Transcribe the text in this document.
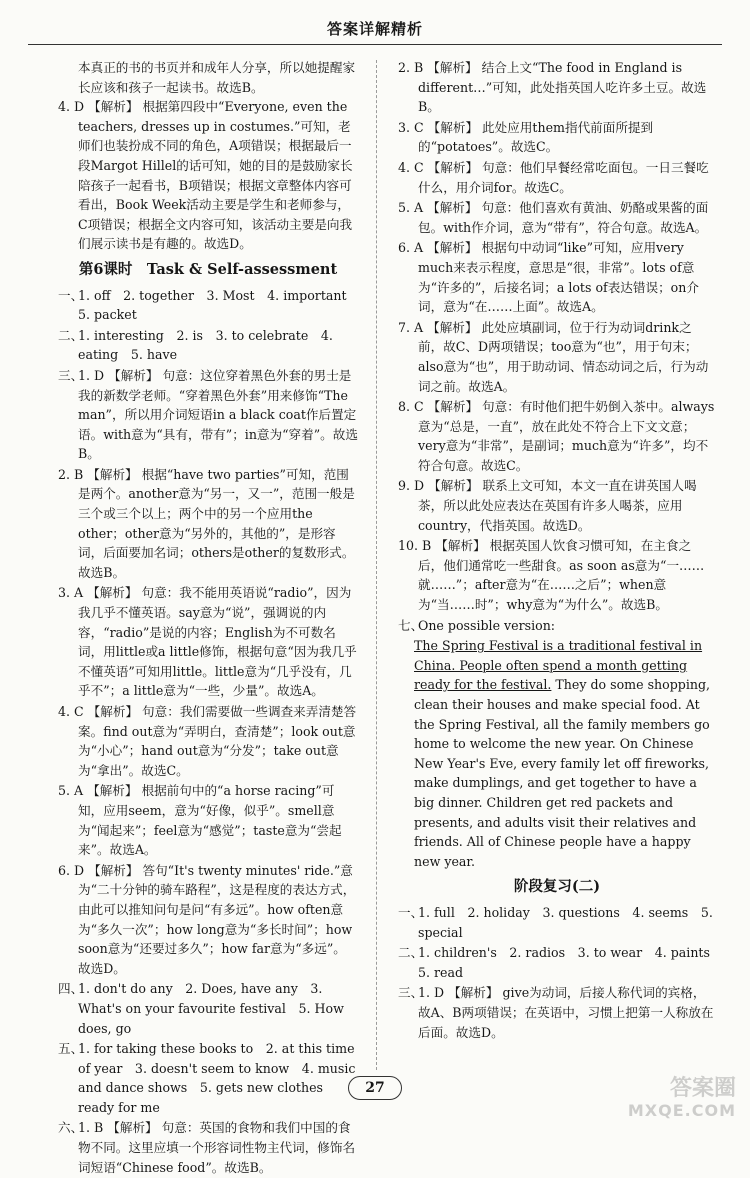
答案详解精析

本真正的书的书页并和成年人分享，所以她提醒家长应该和孩子一起读书。故选B。

4. D 【解析】 根据第四段中“Everyone, even the teachers, dresses up in costumes.”可知，老师们也装扮成不同的角色，A项错误；根据最后一段Margot Hillel的话可知，她的目的是鼓励家长陪孩子一起看书，B项错误；根据文章整体内容可看出，Book Week活动主要是学生和老师参与，C项错误；根据全文内容可知，该活动主要是向我们展示读书是有趣的。故选D。

第6课时　Task & Self-assessment

一、1. off　2. together　3. Most　4. important　5. packet

二、1. interesting　2. is　3. to celebrate　4. eating　5. have

三、1. D 【解析】 句意：这位穿着黑色外套的男士是我的新数学老师。“穿着黑色外套”用来修饰“The man”，所以用介词短语in a black coat作后置定语。with意为“具有，带有”；in意为“穿着”。故选B。

2. B 【解析】 根据“have two parties”可知，范围是两个。another意为“另一，又一”，范围一般是三个或三个以上；两个中的另一个应用the other；other意为“另外的，其他的”，是形容词，后面要加名词；others是other的复数形式。故选B。

3. A 【解析】 句意：我不能用英语说“radio”，因为我几乎不懂英语。say意为“说”，强调说的内容，“radio”是说的内容；English为不可数名词，用little或a little修饰，根据句意“因为我几乎不懂英语”可知用little。little意为“几乎没有，几乎不”；a little意为“一些，少量”。故选A。

4. C 【解析】 句意：我们需要做一些调查来弄清楚答案。find out意为“弄明白，查清楚”；look out意为“小心”；hand out意为“分发”；take out意为“拿出”。故选C。

5. A 【解析】 根据前句中的“a horse racing”可知，应用seem，意为“好像，似乎”。smell意为“闻起来”；feel意为“感觉”；taste意为“尝起来”。故选A。

6. D 【解析】 答句“It's twenty minutes' ride.”意为“二十分钟的骑车路程”，这是程度的表达方式，由此可以推知问句是问“有多远”。how often意为“多久一次”；how long意为“多长时间”；how soon意为“还要过多久”；how far意为“多远”。故选D。

四、1. don't do any　2. Does, have any　3. What's on your favourite festival　5. How does, go

五、1. for taking these books to　2. at this time of year　3. doesn't seem to know　4. music and dance shows　5. gets new clothes ready for me

六、1. B 【解析】 句意：英国的食物和我们中国的食物不同。这里应填一个形容词性物主代词，修饰名词短语“Chinese food”。故选B。

2. B 【解析】 结合上文“The food in England is different…”可知，此处指英国人吃许多土豆。故选B。

3. C 【解析】 此处应用them指代前面所提到的“potatoes”。故选C。

4. C 【解析】 句意：他们早餐经常吃面包。一日三餐吃什么，用介词for。故选C。

5. A 【解析】 句意：他们喜欢有黄油、奶酪或果酱的面包。with作介词，意为“带有”，符合句意。故选A。

6. A 【解析】 根据句中动词“like”可知，应用very much来表示程度，意思是“很，非常”。lots of意为“许多的”，后接名词；a lots of表达错误；on介词，意为“在……上面”。故选A。

7. A 【解析】 此处应填副词，位于行为动词drink之前，故C、D两项错误；too意为“也”，用于句末；also意为“也”，用于助动词、情态动词之后，行为动词之前。故选A。

8. C 【解析】 句意：有时他们把牛奶倒入茶中。always意为“总是，一直”，放在此处不符合上下文文意；very意为“非常”，是副词；much意为“许多”，均不符合句意。故选C。

9. D 【解析】 联系上文可知，本文一直在讲英国人喝茶，所以此处应表达在英国有许多人喝茶，应用country，代指英国。故选D。

10. B 【解析】 根据英国人饮食习惯可知，在主食之后，他们通常吃一些甜食。as soon as意为“一……就……”；after意为“在……之后”；when意为“当……时”；why意为“为什么”。故选B。

七、One possible version:

The Spring Festival is a traditional festival in China. People often spend a month getting ready for the festival. They do some shopping, clean their houses and make special food. At the Spring Festival, all the family members go home to welcome the new year. On Chinese New Year's Eve, every family let off fireworks, make dumplings, and get together to have a big dinner. Children get red packets and presents, and adults visit their relatives and friends. All of Chinese people have a happy new year.

阶段复习(二)

一、1. full　2. holiday　3. questions　4. seems　5. special

二、1. children's　2. radios　3. to wear　4. paints　5. read

三、1. D 【解析】 give为动词，后接人称代词的宾格，故A、B两项错误；在英语中，习惯上把第一人称放在后面。故选D。

27	答案圈
MXQE.COM
